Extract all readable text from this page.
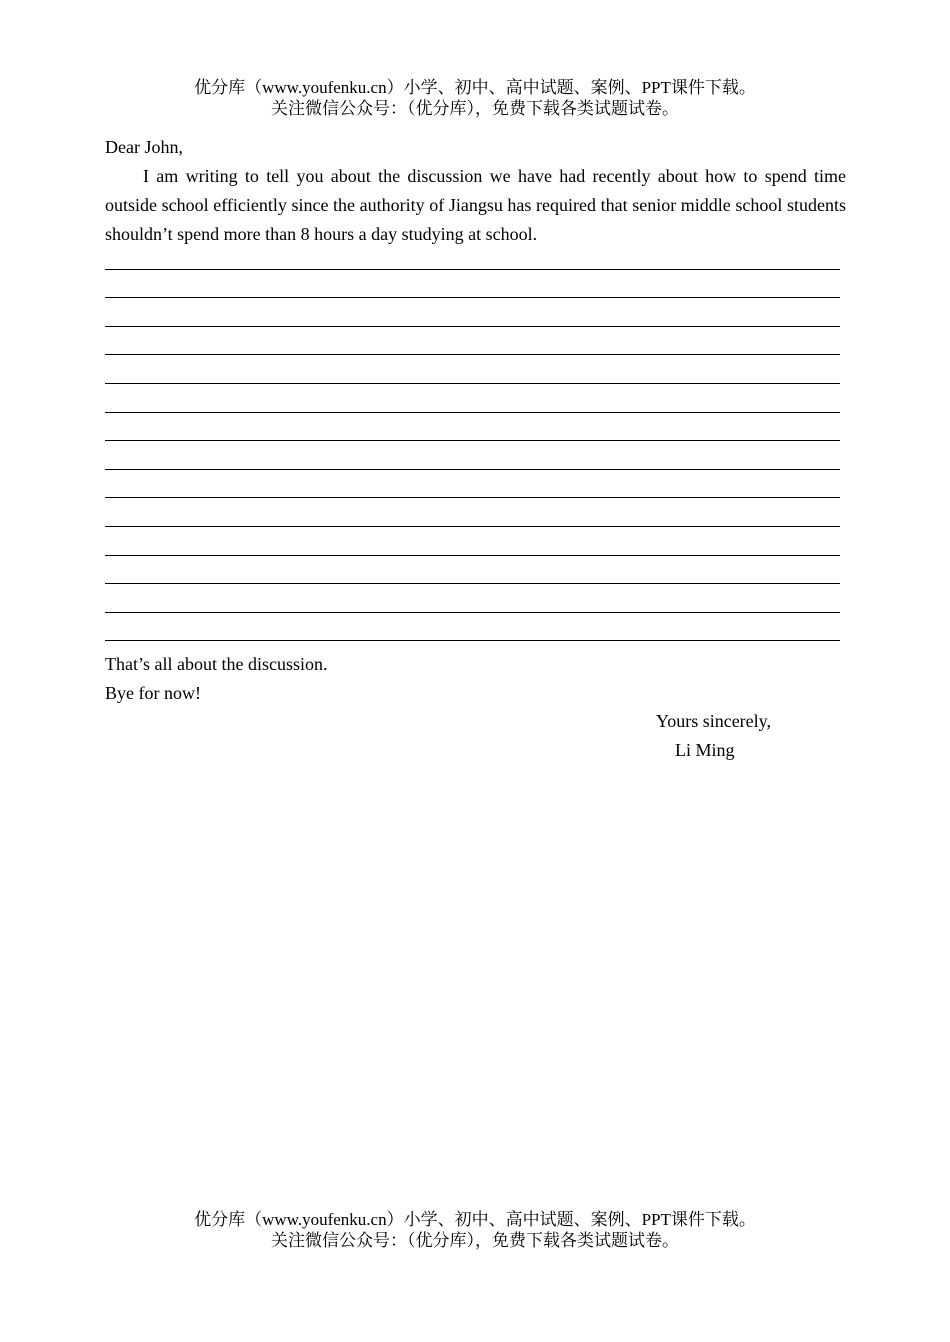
优分库（www.youfenku.cn）小学、初中、高中试题、案例、PPT课件下载。
关注微信公众号：（优分库），免费下载各类试题试卷。
Dear John,
I am writing to tell you about the discussion we have had recently about how to spend time outside school efficiently since the authority of Jiangsu has required that senior middle school students shouldn’t spend more than 8 hours a day studying at school.
That’s all about the discussion.
Bye for now!
Yours sincerely,
Li Ming
优分库（www.youfenku.cn）小学、初中、高中试题、案例、PPT课件下载。
关注微信公众号：（优分库），免费下载各类试题试卷。
